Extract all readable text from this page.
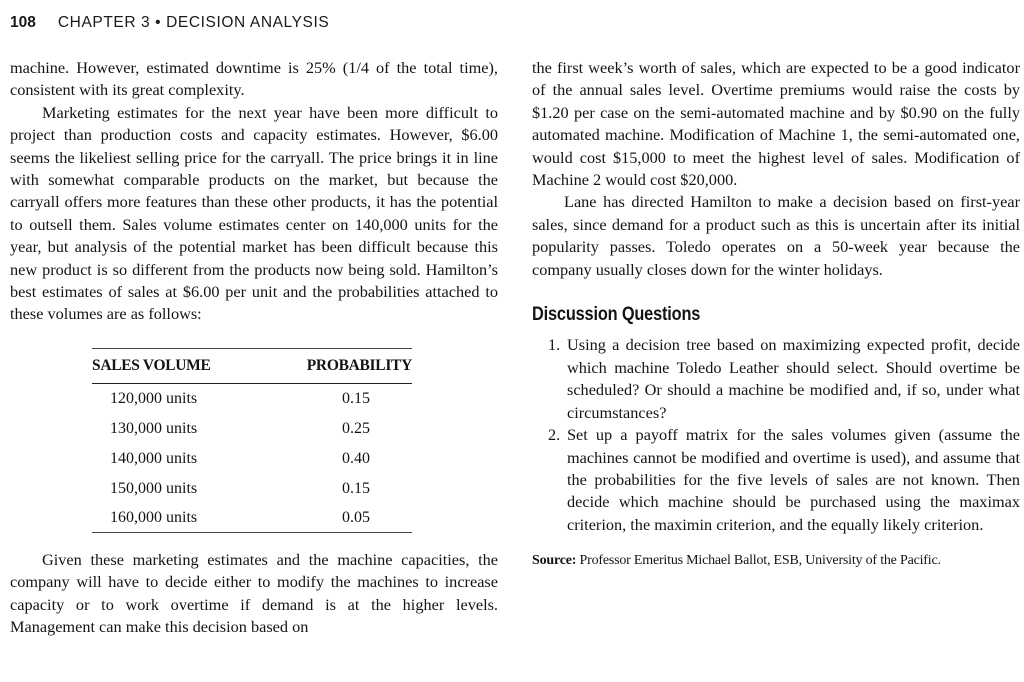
108 CHAPTER 3 • DECISION ANALYSIS

machine. However, estimated downtime is 25% (1/4 of the total time), consistent with its great complexity.

Marketing estimates for the next year have been more difficult to project than production costs and capacity estimates. However, $6.00 seems the likeliest selling price for the carryall. The price brings it in line with somewhat comparable products on the market, but because the carryall offers more features than these other products, it has the potential to outsell them. Sales volume estimates center on 140,000 units for the year, but analysis of the potential market has been difficult because this new product is so different from the products now being sold. Hamilton’s best estimates of sales at $6.00 per unit and the probabilities attached to these volumes are as follows:

SALES VOLUME	PROBABILITY
120,000 units	0.15
130,000 units	0.25
140,000 units	0.40
150,000 units	0.15
160,000 units	0.05

Given these marketing estimates and the machine capacities, the company will have to decide either to modify the machines to increase capacity or to work overtime if demand is at the higher levels. Management can make this decision based on

the first week’s worth of sales, which are expected to be a good indicator of the annual sales level. Overtime premiums would raise the costs by $1.20 per case on the semi-automated machine and by $0.90 on the fully automated machine. Modification of Machine 1, the semi-automated one, would cost $15,000 to meet the highest level of sales. Modification of Machine 2 would cost $20,000.

Lane has directed Hamilton to make a decision based on first-year sales, since demand for a product such as this is uncertain after its initial popularity passes. Toledo operates on a 50-week year because the company usually closes down for the winter holidays.

Discussion Questions
1. Using a decision tree based on maximizing expected profit, decide which machine Toledo Leather should select. Should overtime be scheduled? Or should a machine be modified and, if so, under what circumstances?
2. Set up a payoff matrix for the sales volumes given (assume the machines cannot be modified and overtime is used), and assume that the probabilities for the five levels of sales are not known. Then decide which machine should be purchased using the maximax criterion, the maximin criterion, and the equally likely criterion.
Source: Professor Emeritus Michael Ballot, ESB, University of the Pacific.
